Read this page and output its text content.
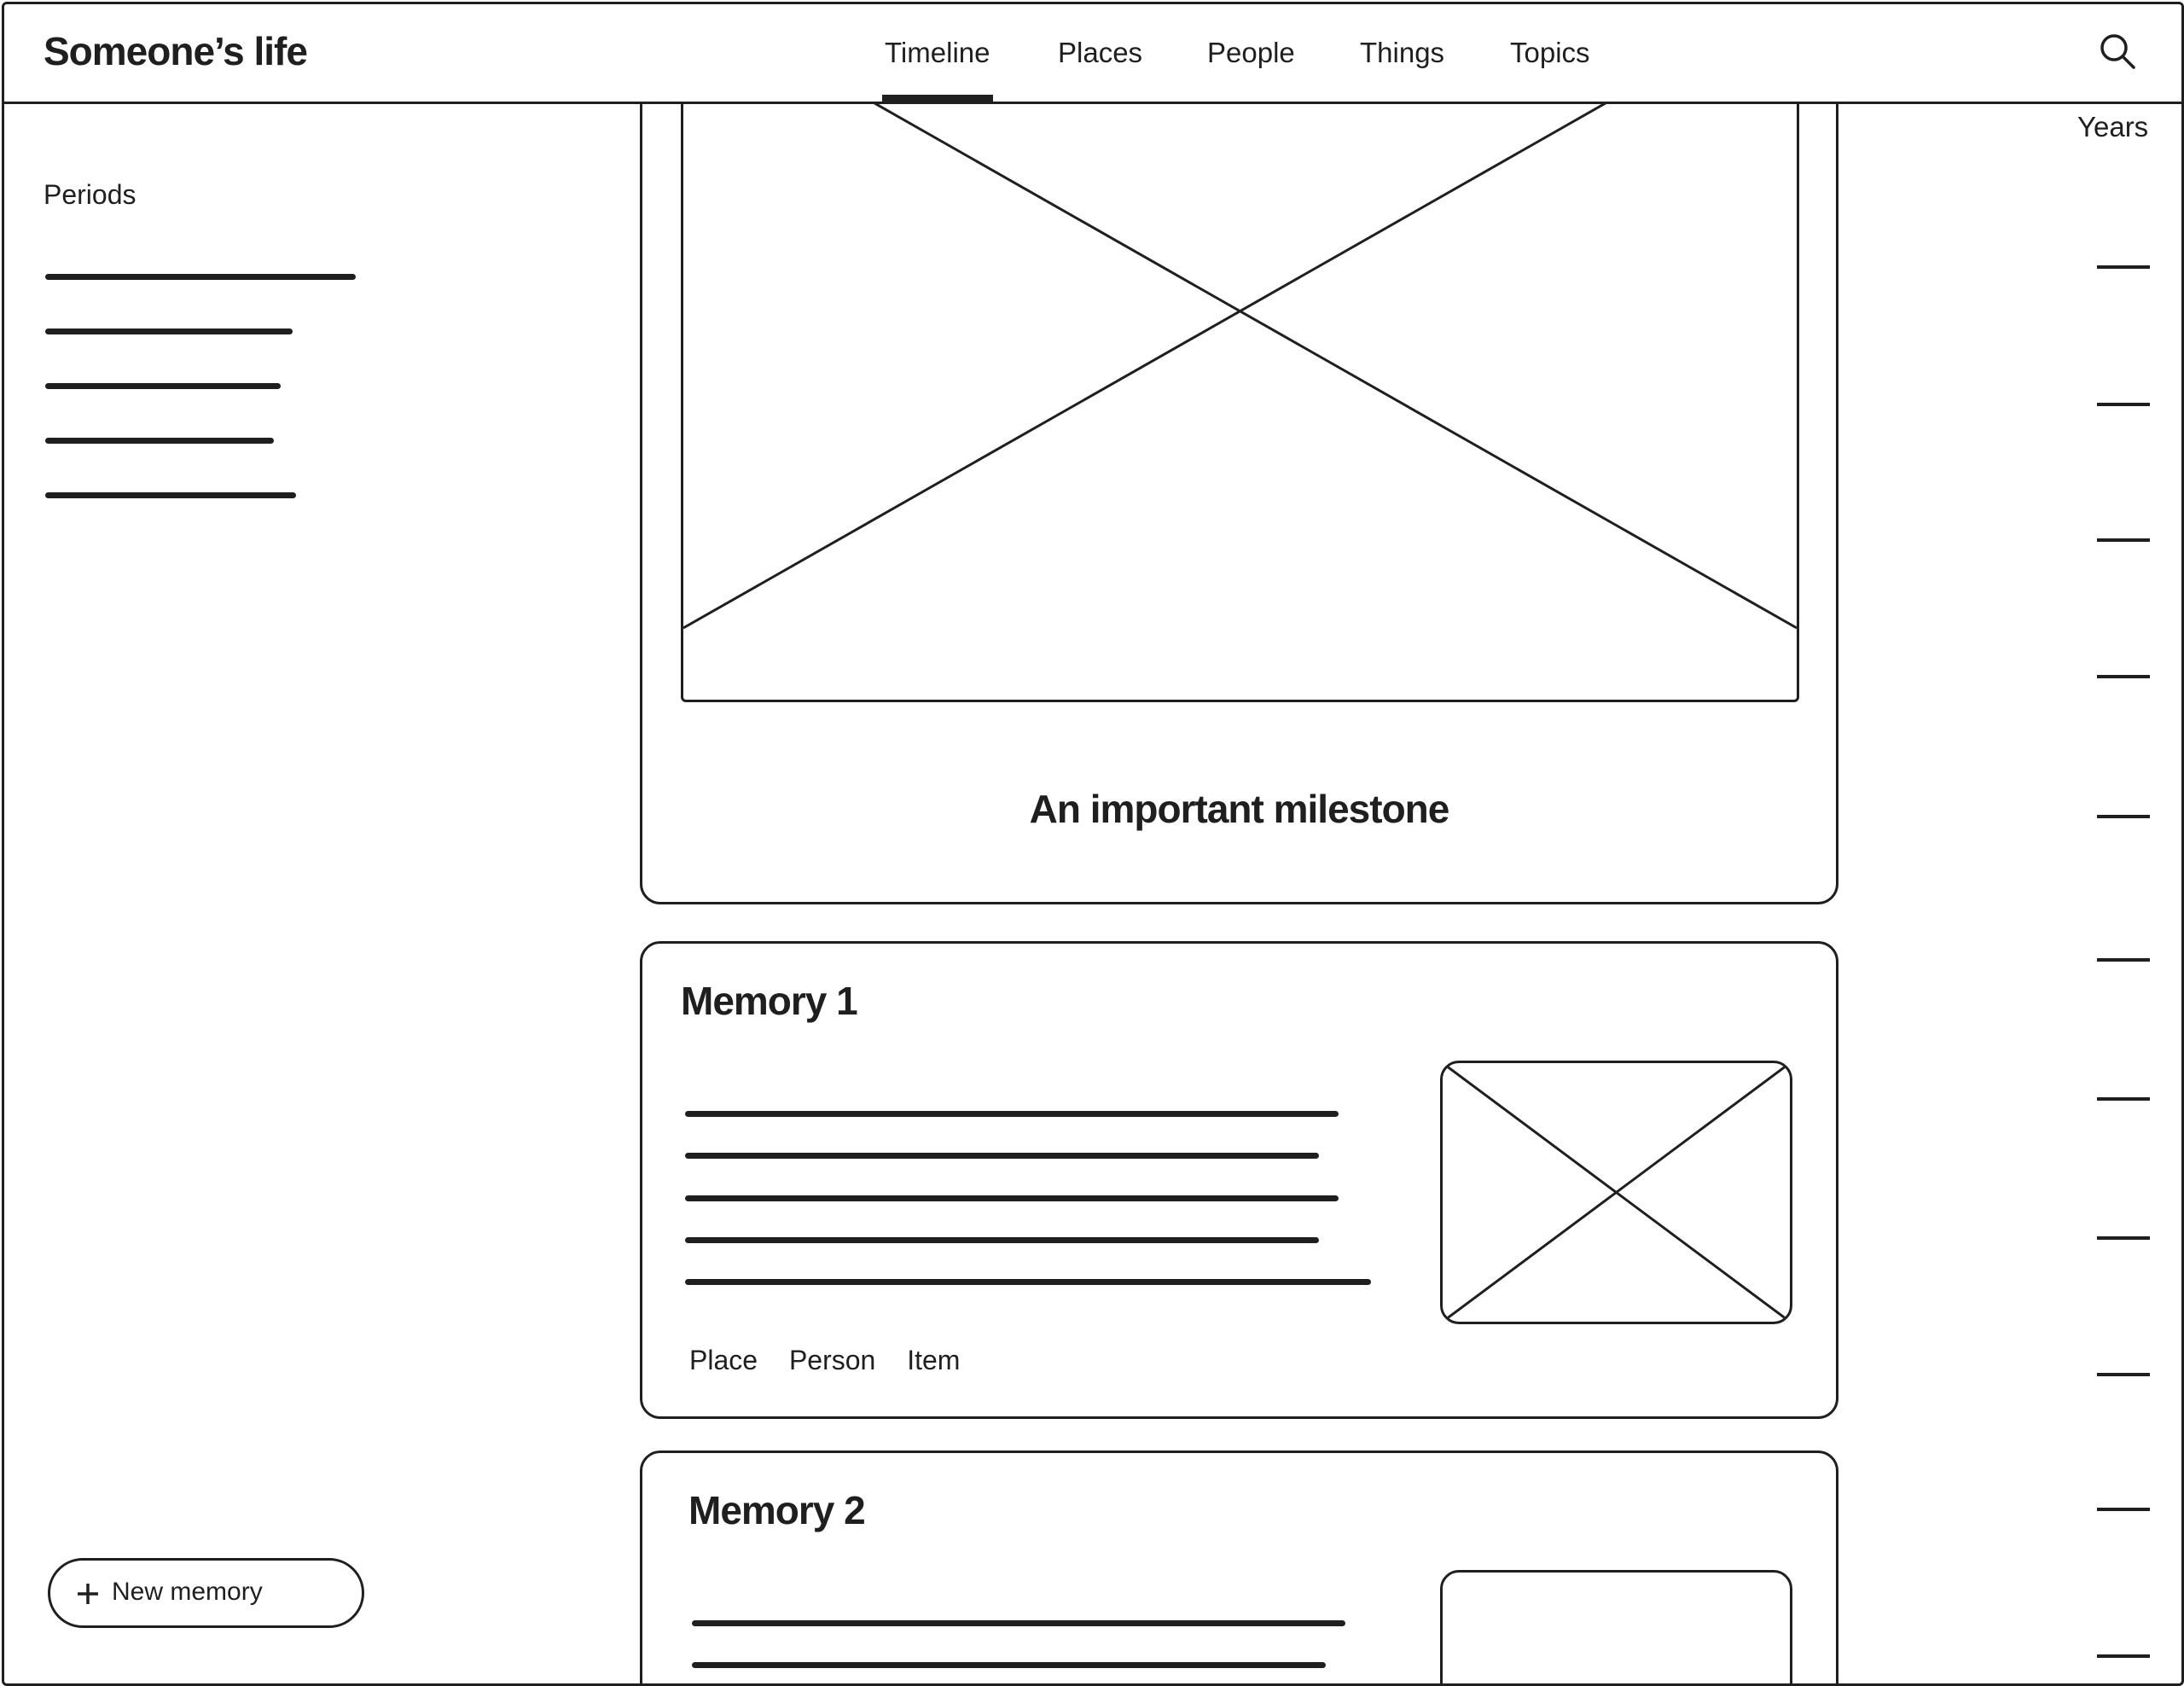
Someone’s life	Timeline Places People Things Topics
Periods
New memory
An important milestone
Memory 1
Place Person Item
Memory 2
Years
